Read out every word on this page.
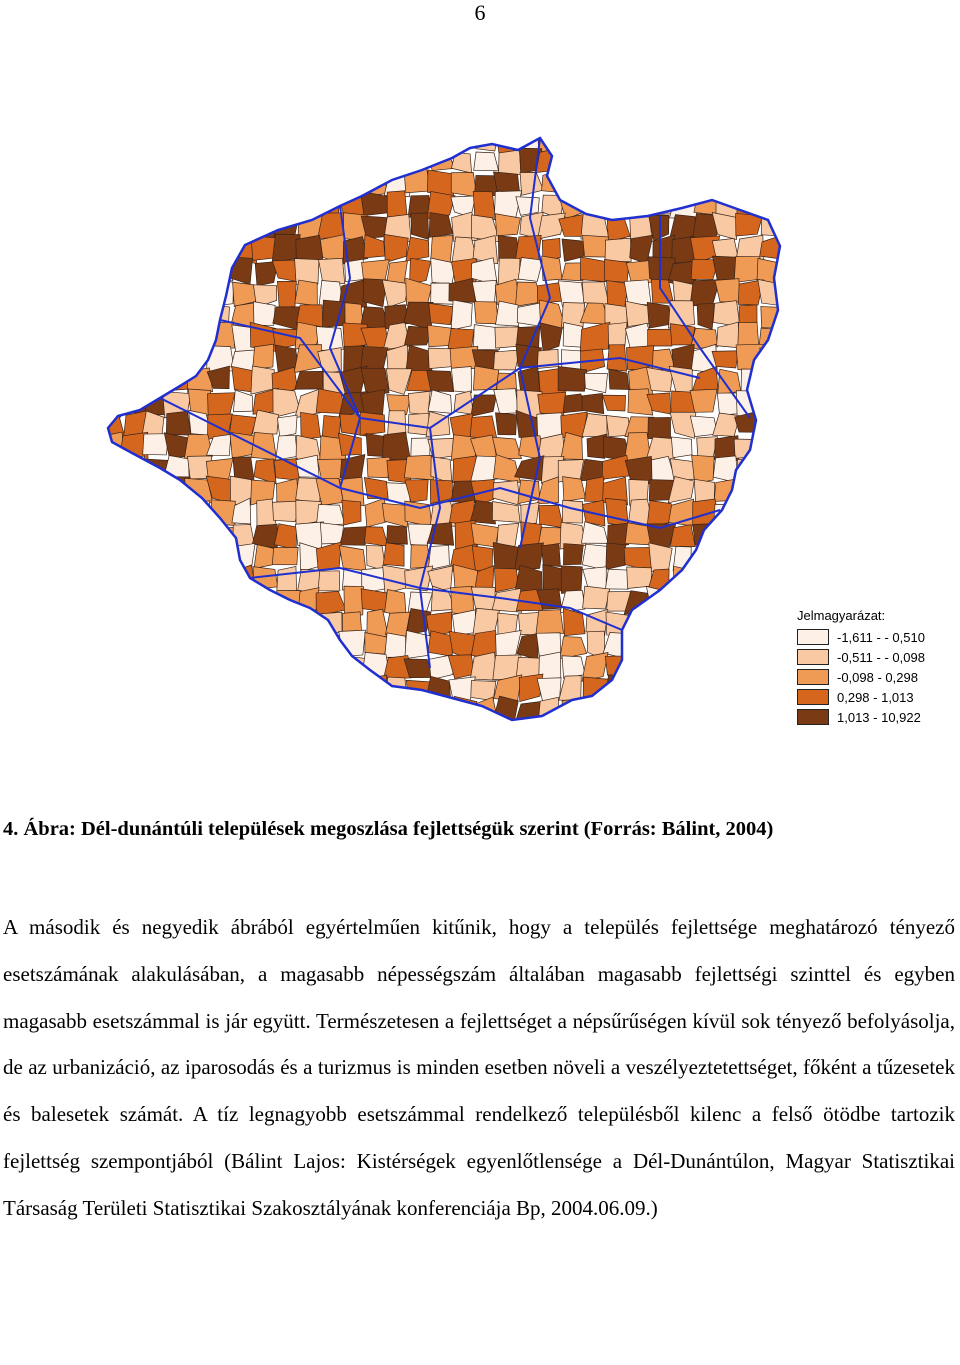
6
Jelmagyarázat:
-1,611 - - 0,510
-0,511 - - 0,098
-0,098 - 0,298
0,298 - 1,013
1,013 - 10,922
4. Ábra: Dél-dunántúli települések megoszlása fejlettségük szerint (Forrás: Bálint, 2004)

A második és negyedik ábrából egyértelműen kitűnik, hogy a település fejlettsége meghatározó tényező esetszámának alakulásában, a magasabb népességszám általában magasabb fejlettségi szinttel és egyben magasabb esetszámmal is jár együtt. Természetesen a fejlettséget a népsűrűségen kívül sok tényező befolyásolja, de az urbanizáció, az iparosodás és a turizmus is minden esetben növeli a veszélyeztetettséget, főként a tűzesetek és balesetek számát. A tíz legnagyobb esetszámmal rendelkező településből kilenc a felső ötödbe tartozik fejlettség szempontjából (Bálint Lajos: Kistérségek egyenlőtlensége a Dél-Dunántúlon, Magyar Statisztikai Társaság Területi Statisztikai Szakosztályának konferenciája Bp, 2004.06.09.)
